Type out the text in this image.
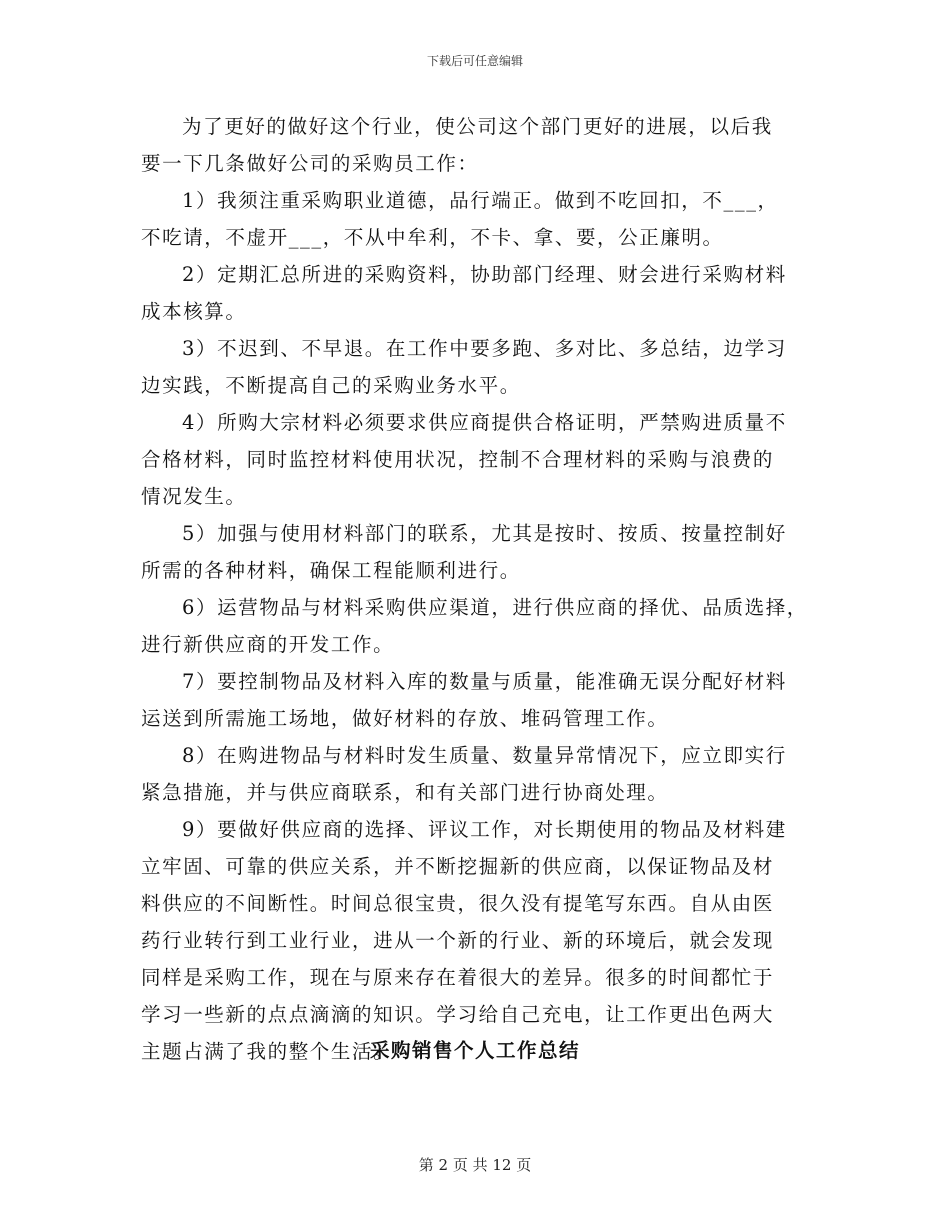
下载后可任意编辑
为了更好的做好这个行业，使公司这个部门更好的进展，以后我
要一下几条做好公司的采购员工作：
1）我须注重采购职业道德，品行端正。做到不吃回扣，不___，
不吃请，不虚开___，不从中牟利，不卡、拿、要，公正廉明。
2）定期汇总所进的采购资料，协助部门经理、财会进行采购材料
成本核算。
3）不迟到、不早退。在工作中要多跑、多对比、多总结，边学习
边实践，不断提高自己的采购业务水平。
4）所购大宗材料必须要求供应商提供合格证明，严禁购进质量不
合格材料，同时监控材料使用状况，控制不合理材料的采购与浪费的
情况发生。
5）加强与使用材料部门的联系，尤其是按时、按质、按量控制好
所需的各种材料，确保工程能顺利进行。
6）运营物品与材料采购供应渠道，进行供应商的择优、品质选择，
进行新供应商的开发工作。
7）要控制物品及材料入库的数量与质量，能准确无误分配好材料
运送到所需施工场地，做好材料的存放、堆码管理工作。
8）在购进物品与材料时发生质量、数量异常情况下，应立即实行
紧急措施，并与供应商联系，和有关部门进行协商处理。
9）要做好供应商的选择、评议工作，对长期使用的物品及材料建
立牢固、可靠的供应关系，并不断挖掘新的供应商，以保证物品及材
料供应的不间断性。时间总很宝贵，很久没有提笔写东西。自从由医
药行业转行到工业行业，进从一个新的行业、新的环境后，就会发现
同样是采购工作，现在与原来存在着很大的差异。很多的时间都忙于
学习一些新的点点滴滴的知识。学习给自己充电，让工作更出色两大
主题占满了我的整个生活。
采购销售个人工作总结
第 2 页 共 12 页
